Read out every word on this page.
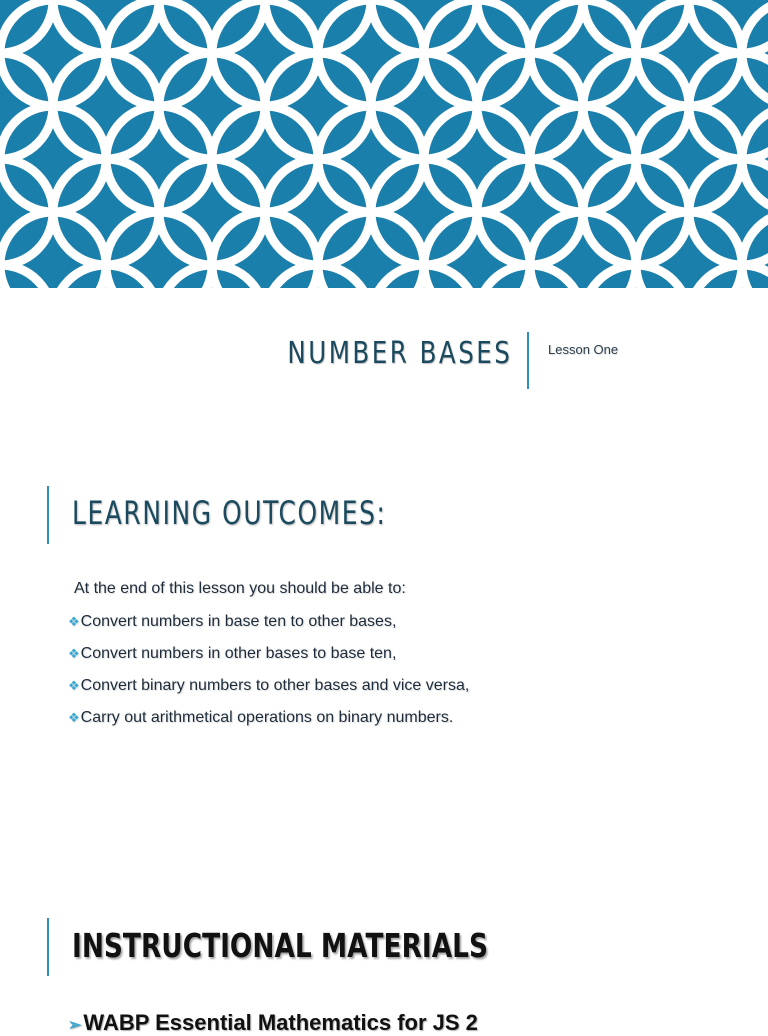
NUMBER BASES	Lesson One
LEARNING OUTCOMES:
At the end of this lesson you should be able to:
❖Convert numbers in base ten to other bases,
❖Convert numbers in other bases to base ten,
❖Convert binary numbers to other bases and vice versa,
❖Carry out arithmetical operations on binary numbers.
INSTRUCTIONAL MATERIALS
➢WABP Essential Mathematics for JS 2
